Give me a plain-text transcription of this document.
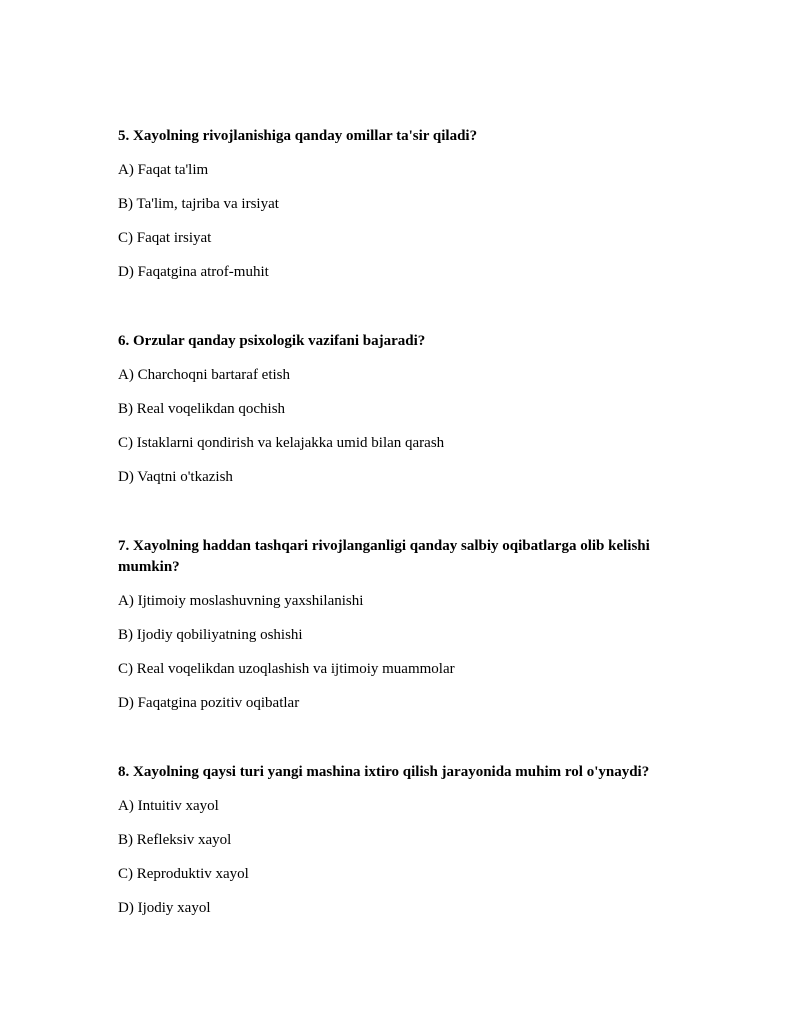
5. Xayolning rivojlanishiga qanday omillar ta'sir qiladi?
A) Faqat ta'lim
B) Ta'lim, tajriba va irsiyat
C) Faqat irsiyat
D) Faqatgina atrof-muhit
6. Orzular qanday psixologik vazifani bajaradi?
A) Charchoqni bartaraf etish
B) Real voqelikdan qochish
C) Istaklarni qondirish va kelajakka umid bilan qarash
D) Vaqtni o'tkazish
7. Xayolning haddan tashqari rivojlanganligi qanday salbiy oqibatlarga olib kelishi mumkin?
A) Ijtimoiy moslashuvning yaxshilanishi
B) Ijodiy qobiliyatning oshishi
C) Real voqelikdan uzoqlashish va ijtimoiy muammolar
D) Faqatgina pozitiv oqibatlar
8. Xayolning qaysi turi yangi mashina ixtiro qilish jarayonida muhim rol o'ynaydi?
A) Intuitiv xayol
B) Refleksiv xayol
C) Reproduktiv xayol
D) Ijodiy xayol
